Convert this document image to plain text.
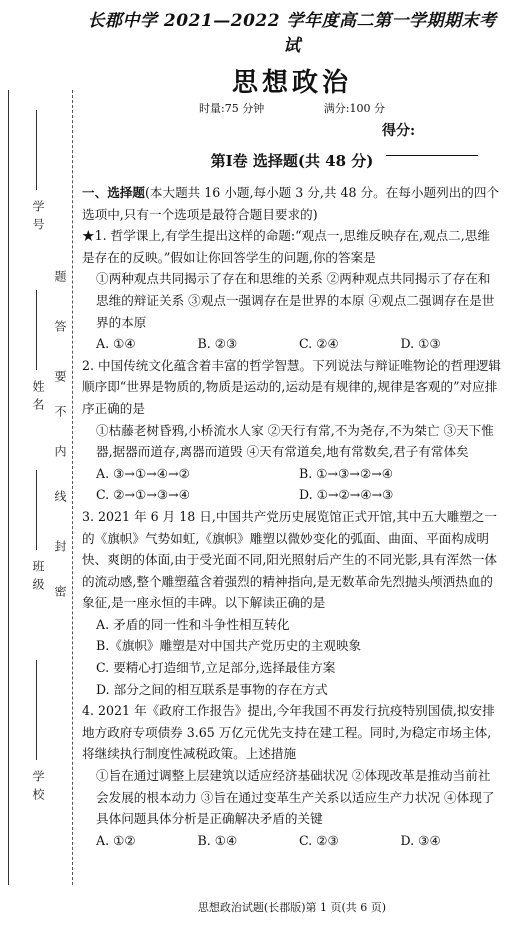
学号
姓名
班级
学校
题
答
要
不
内
线
封
密
长郡中学 2021—2022 学年度高二第一学期期末考试
思想政治
时量:75 分钟	满分:100 分
得分:
第Ⅰ卷 选择题(共 48 分)

一、选择题(本大题共 16 小题,每小题 3 分,共 48 分。在每小题列出的四个选项中,只有一个选项是最符合题目要求的)

★1. 哲学课上,有学生提出这样的命题:“观点一,思维反映存在,观点二,思维是存在的反映。”假如让你回答学生的问题,你的答案是

①两种观点共同揭示了存在和思维的关系 ②两种观点共同揭示了存在和思维的辩证关系 ③观点一强调存在是世界的本原 ④观点二强调存在是世界的本原

A. ①④	B. ②③	C. ②④	D. ①③

2. 中国传统文化蕴含着丰富的哲学智慧。下列说法与辩证唯物论的哲理逻辑顺序即“世界是物质的,物质是运动的,运动是有规律的,规律是客观的”对应排序正确的是

①枯藤老树昏鸦,小桥流水人家 ②天行有常,不为尧存,不为桀亡 ③天下惟器,据器而道存,离器而道毁 ④天有常道矣,地有常数矣,君子有常体矣

A. ③→①→④→②	B. ①→③→②→④
C. ②→①→③→④	D. ①→②→④→③

3. 2021 年 6 月 18 日,中国共产党历史展览馆正式开馆,其中五大雕塑之一的《旗帜》气势如虹,《旗帜》雕塑以微妙变化的弧面、曲面、平面构成明快、爽朗的体面,由于受光面不同,阳光照射后产生的不同光影,具有浑然一体的流动感,整个雕塑蕴含着强烈的精神指向,是无数革命先烈抛头颅洒热血的象征,是一座永恒的丰碑。以下解读正确的是

A. 矛盾的同一性和斗争性相互转化

B.《旗帜》雕塑是对中国共产党历史的主观映象

C. 要精心打造细节,立足部分,选择最佳方案

D. 部分之间的相互联系是事物的存在方式

4. 2021 年《政府工作报告》提出,今年我国不再发行抗疫特别国债,拟安排地方政府专项债券 3.65 万亿元优先支持在建工程。同时,为稳定市场主体,将继续执行制度性减税政策。上述措施

①旨在通过调整上层建筑以适应经济基础状况 ②体现改革是推动当前社会发展的根本动力 ③旨在通过变革生产关系以适应生产力状况 ④体现了具体问题具体分析是正确解决矛盾的关键

A. ①②	B. ①④	C. ②③	D. ③④
思想政治试题(长郡版)第 1 页(共 6 页)
